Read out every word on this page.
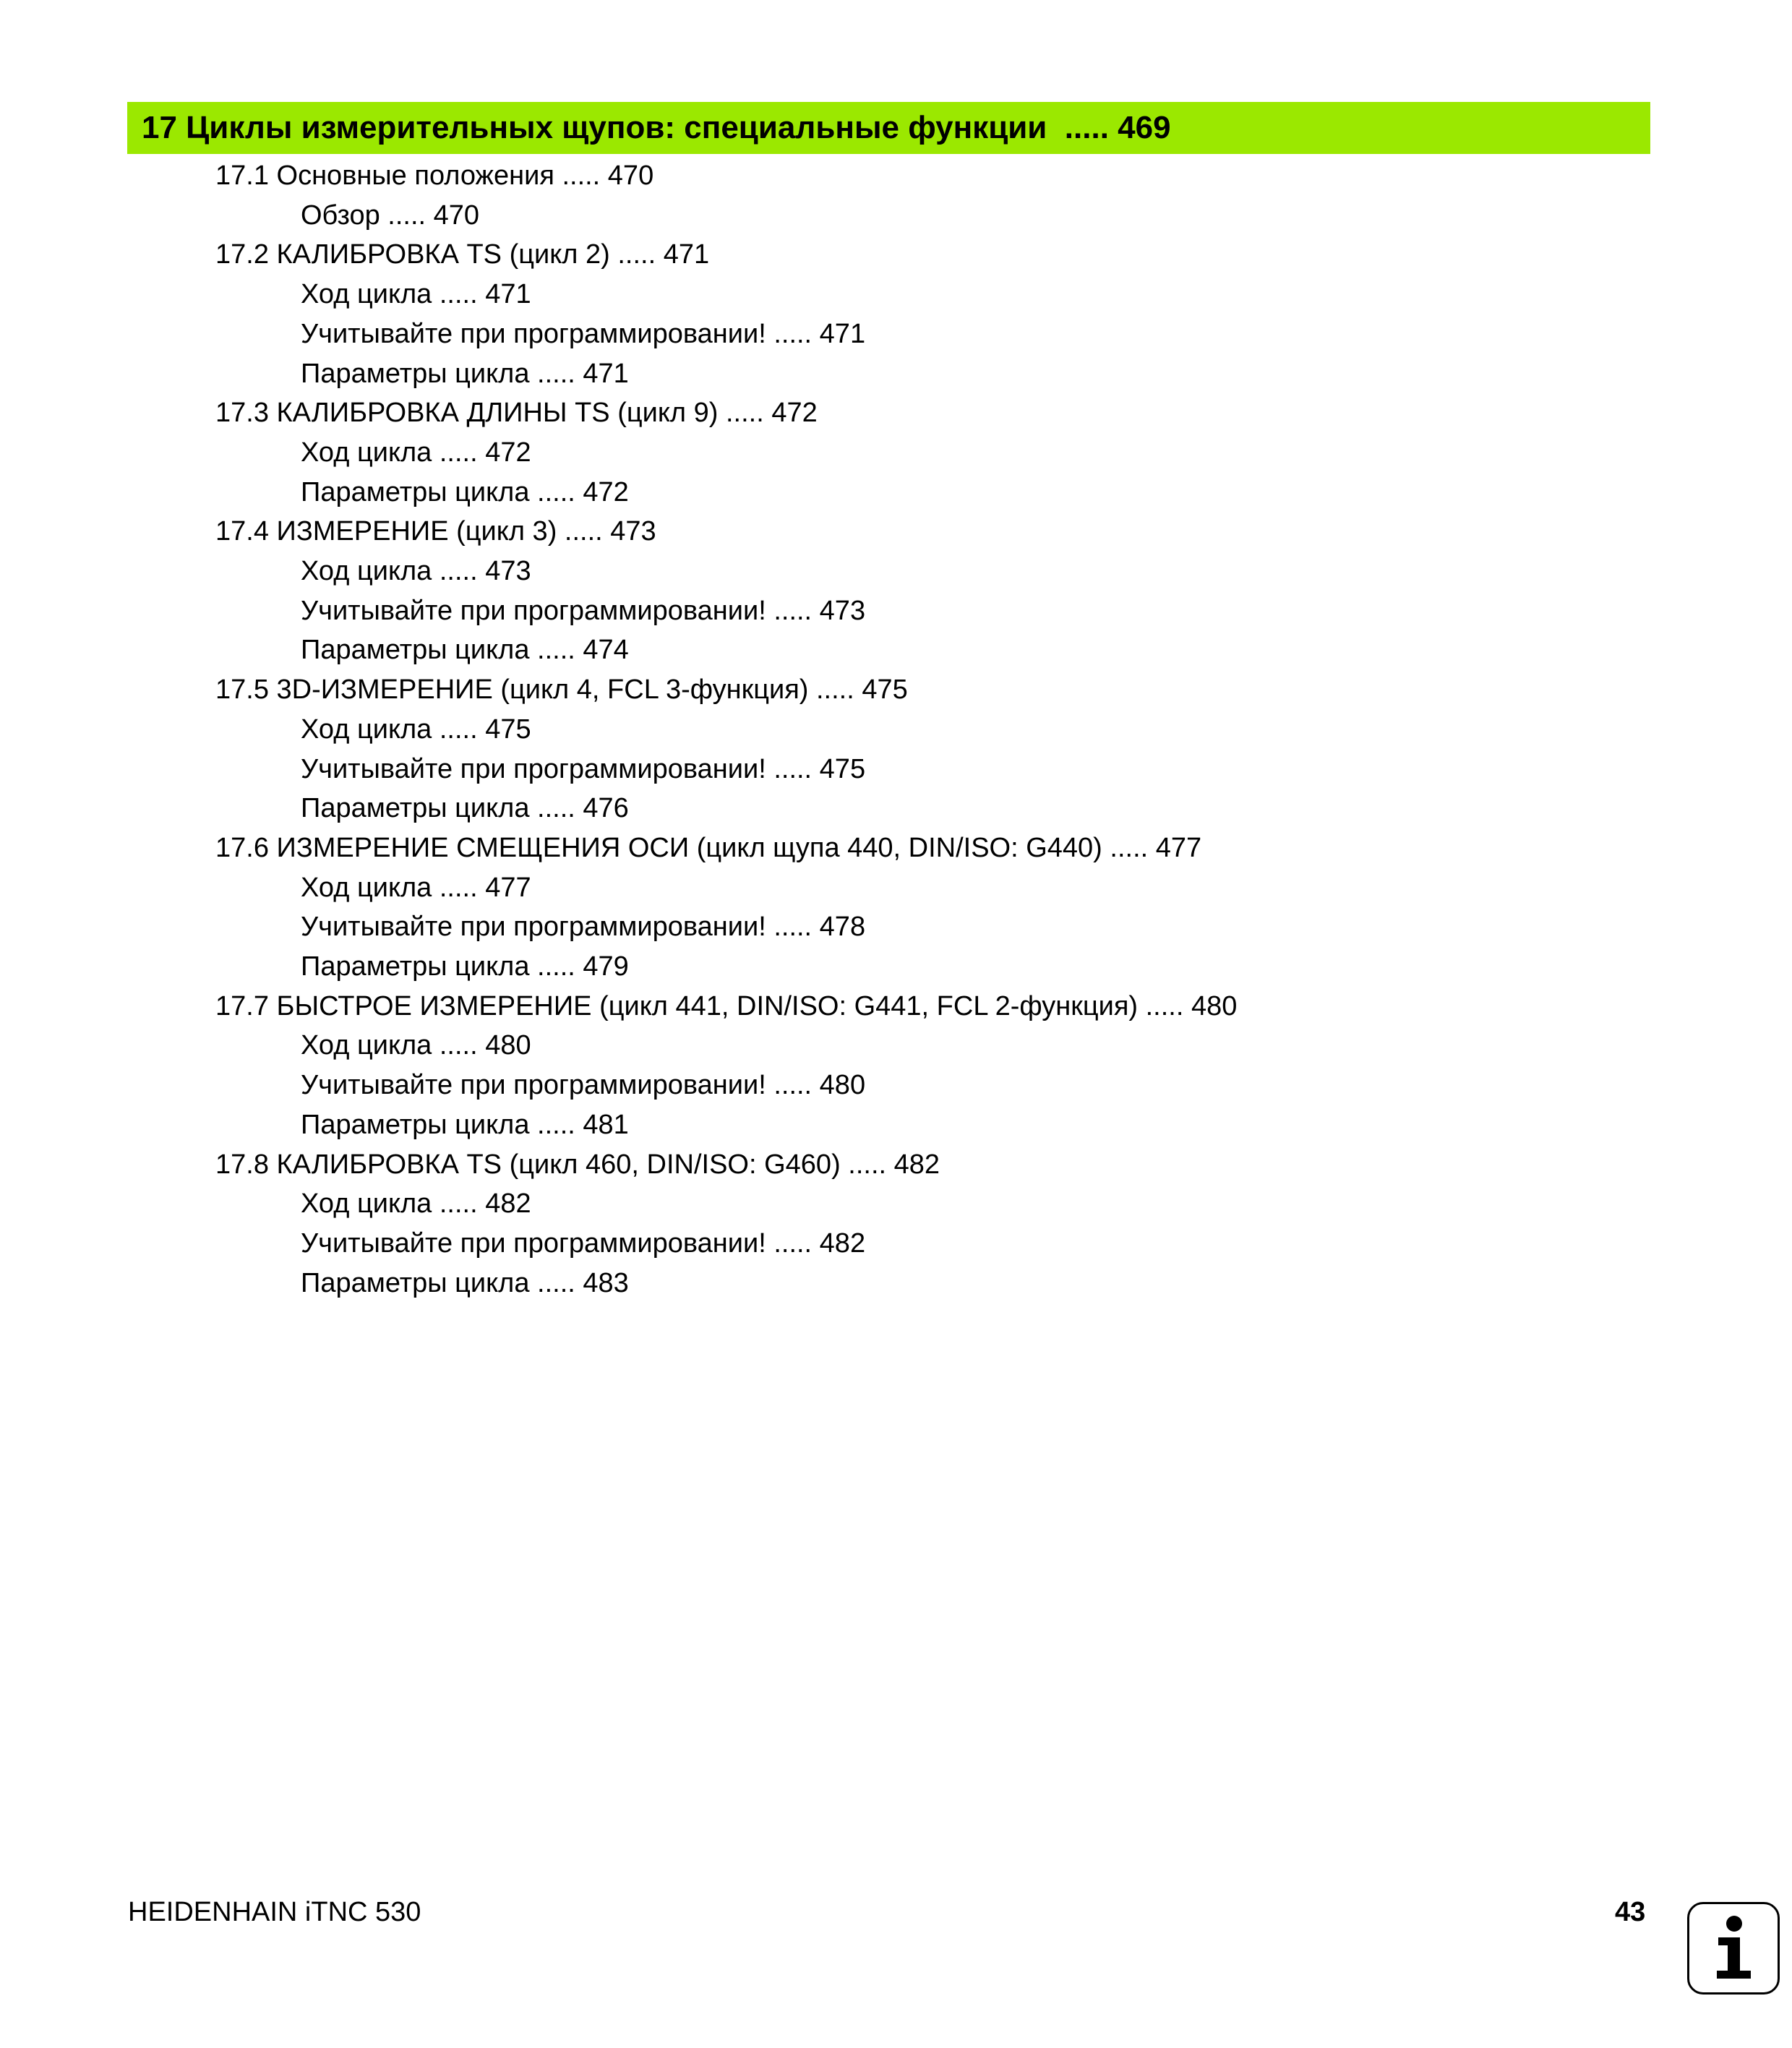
17 Циклы измерительных щупов: специальные функции  ..... 469
17.1 Основные положения ..... 470
Обзор ..... 470
17.2 КАЛИБРОВКА TS (цикл 2) ..... 471
Ход цикла ..... 471
Учитывайте при программировании! ..... 471
Параметры цикла ..... 471
17.3 КАЛИБРОВКА ДЛИНЫ TS (цикл 9) ..... 472
Ход цикла ..... 472
Параметры цикла ..... 472
17.4 ИЗМЕРЕНИЕ (цикл 3) ..... 473
Ход цикла ..... 473
Учитывайте при программировании! ..... 473
Параметры цикла ..... 474
17.5 3D-ИЗМЕРЕНИЕ (цикл 4, FCL 3-функция) ..... 475
Ход цикла ..... 475
Учитывайте при программировании! ..... 475
Параметры цикла ..... 476
17.6 ИЗМЕРЕНИЕ СМЕЩЕНИЯ ОСИ (цикл щупа 440, DIN/ISO: G440) ..... 477
Ход цикла ..... 477
Учитывайте при программировании! ..... 478
Параметры цикла ..... 479
17.7 БЫСТРОЕ ИЗМЕРЕНИЕ (цикл 441, DIN/ISO: G441, FCL 2-функция) ..... 480
Ход цикла ..... 480
Учитывайте при программировании! ..... 480
Параметры цикла ..... 481
17.8 КАЛИБРОВКА TS (цикл 460, DIN/ISO: G460) ..... 482
Ход цикла ..... 482
Учитывайте при программировании! ..... 482
Параметры цикла ..... 483
HEIDENHAIN iTNC 530	43
